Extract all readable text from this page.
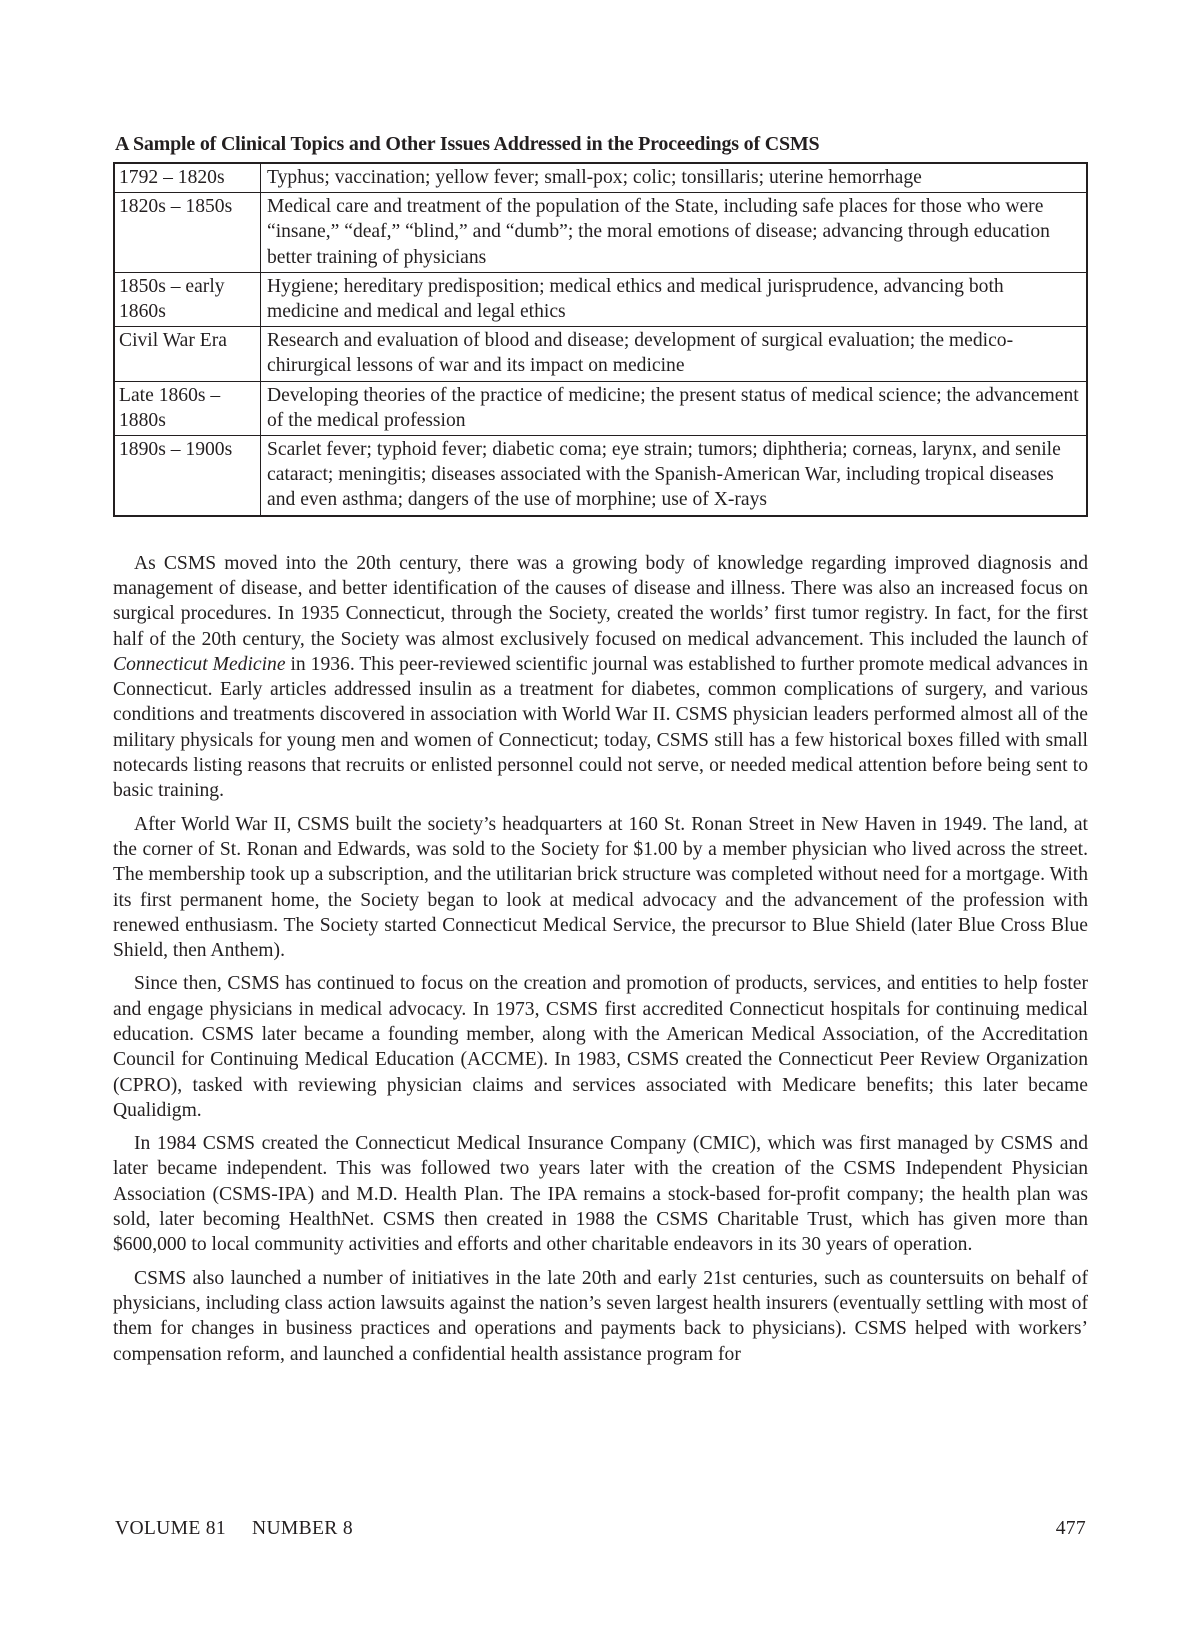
A Sample of Clinical Topics and Other Issues Addressed in the Proceedings of CSMS
1792 – 1820s	Typhus; vaccination; yellow fever; small-pox; colic; tonsillaris; uterine hemorrhage
1820s – 1850s	Medical care and treatment of the population of the State, including safe places for those who were “insane,” “deaf,” “blind,” and “dumb”; the moral emotions of disease; advancing through education better training of physicians
1850s – early 1860s	Hygiene; hereditary predisposition; medical ethics and medical jurisprudence, advancing both medicine and medical and legal ethics
Civil War Era	Research and evaluation of blood and disease; development of surgical evaluation; the medico-chirurgical lessons of war and its impact on medicine
Late 1860s – 1880s	Developing theories of the practice of medicine; the present status of medical science; the advancement of the medical profession
1890s – 1900s	Scarlet fever; typhoid fever; diabetic coma; eye strain; tumors; diphtheria; corneas, larynx, and senile cataract; meningitis; diseases associated with the Spanish-American War, including tropical diseases and even asthma; dangers of the use of morphine; use of X-rays

As CSMS moved into the 20th century, there was a growing body of knowledge regarding improved diagnosis and management of disease, and better identification of the causes of disease and illness. There was also an increased focus on surgical procedures. In 1935 Connecticut, through the Society, created the worlds’ first tumor registry. In fact, for the first half of the 20th century, the Society was almost exclusively focused on medical advancement. This included the launch of Connecticut Medicine in 1936. This peer-reviewed scientific journal was established to further promote medical advances in Connecticut. Early articles addressed insulin as a treatment for diabetes, common complications of surgery, and various conditions and treatments discovered in association with World War II. CSMS physician leaders performed almost all of the military physicals for young men and women of Connecticut; today, CSMS still has a few historical boxes filled with small notecards listing reasons that recruits or enlisted personnel could not serve, or needed medical attention before being sent to basic training.

After World War II, CSMS built the society’s headquarters at 160 St. Ronan Street in New Haven in 1949. The land, at the corner of St. Ronan and Edwards, was sold to the Society for $1.00 by a member physician who lived across the street. The membership took up a subscription, and the utilitarian brick structure was completed without need for a mortgage. With its first permanent home, the Society began to look at medical advocacy and the advancement of the profession with renewed enthusiasm. The Society started Connecticut Medical Service, the precursor to Blue Shield (later Blue Cross Blue Shield, then Anthem).

Since then, CSMS has continued to focus on the creation and promotion of products, services, and entities to help foster and engage physicians in medical advocacy. In 1973, CSMS first accredited Connecticut hospitals for continuing medical education. CSMS later became a founding member, along with the American Medical Association, of the Accreditation Council for Continuing Medical Education (ACCME). In 1983, CSMS created the Connecticut Peer Review Organization (CPRO), tasked with reviewing physician claims and services associated with Medicare benefits; this later became Qualidigm.

In 1984 CSMS created the Connecticut Medical Insurance Company (CMIC), which was first managed by CSMS and later became independent. This was followed two years later with the creation of the CSMS Independent Physician Association (CSMS-IPA) and M.D. Health Plan. The IPA remains a stock-based for-profit company; the health plan was sold, later becoming HealthNet. CSMS then created in 1988 the CSMS Charitable Trust, which has given more than $600,000 to local community activities and efforts and other charitable endeavors in its 30 years of operation.

CSMS also launched a number of initiatives in the late 20th and early 21st centuries, such as countersuits on behalf of physicians, including class action lawsuits against the nation’s seven largest health insurers (eventually settling with most of them for changes in business practices and operations and payments back to physicians). CSMS helped with workers’ compensation reform, and launched a confidential health assistance program for

VOLUME 81 NUMBER 8	477
